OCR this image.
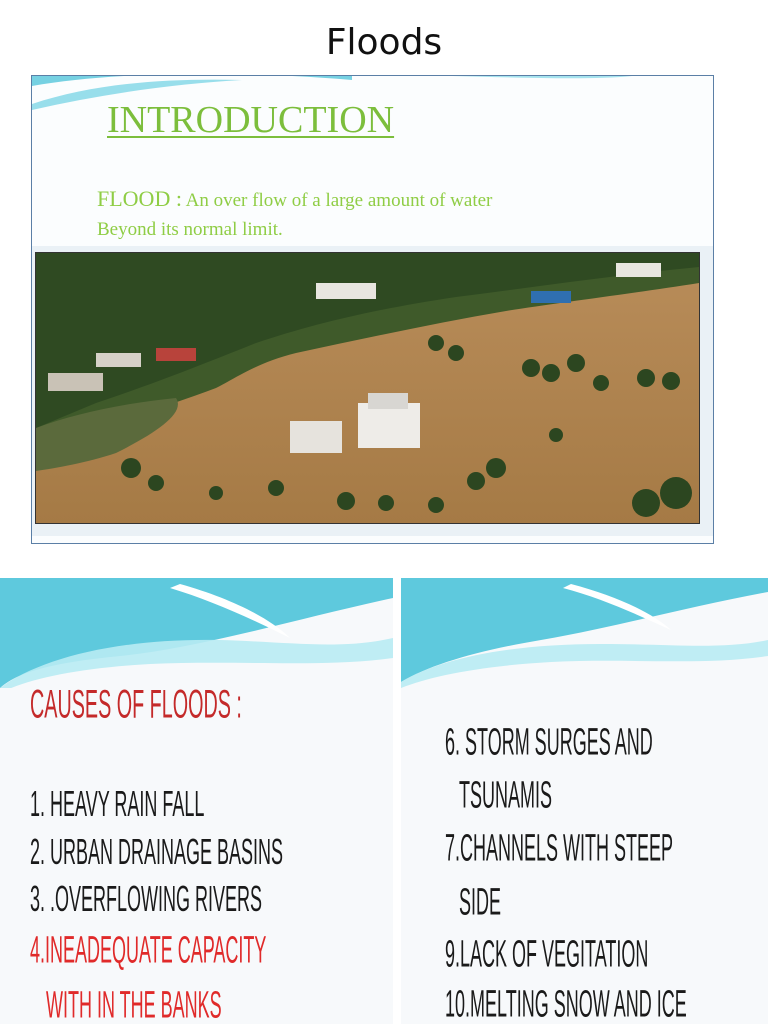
Floods
INTRODUCTION
FLOOD : An over flow of a large amount of water
Beyond its normal limit.
CAUSES OF FLOODS :
1. HEAVY RAIN FALL
2. URBAN DRAINAGE BASINS
3. .OVERFLOWING RIVERS
4.INEADEQUATE CAPACITY
WITH IN THE BANKS
6. STORM SURGES AND
TSUNAMIS
7.CHANNELS WITH STEEP
SIDE
9.LACK OF VEGITATION
10.MELTING SNOW AND ICE
